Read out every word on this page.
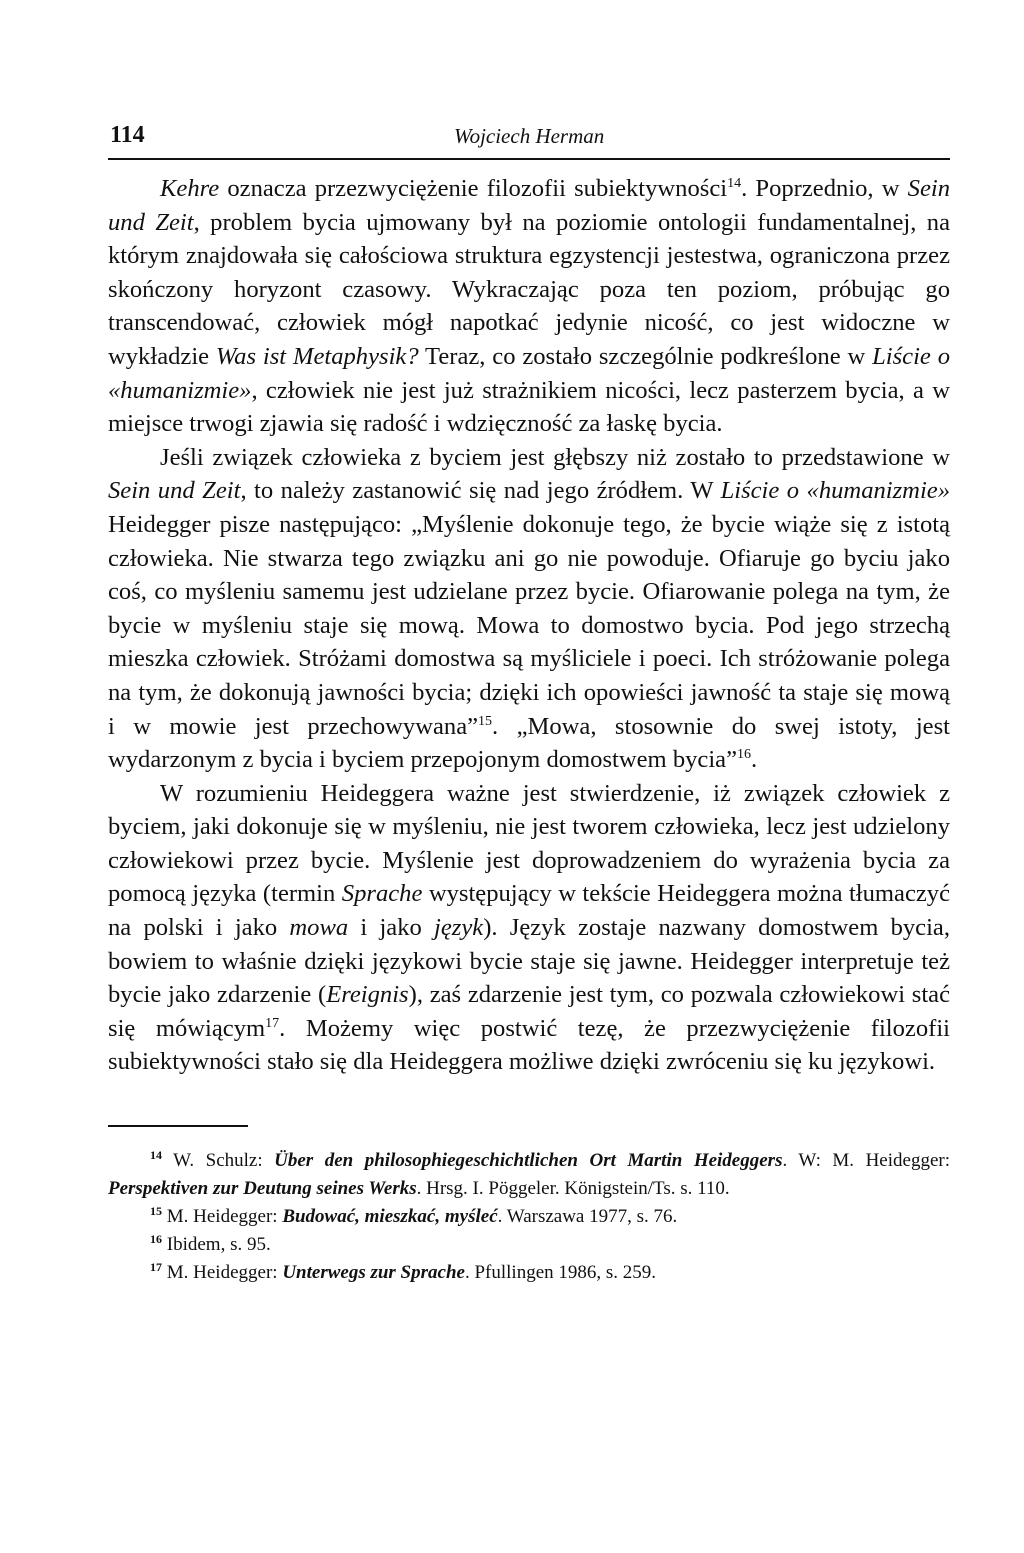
114	Wojciech Herman

Kehre oznacza przezwyciężenie filozofii subiektywności$^{14}$. Poprzednio, w Sein und Zeit, problem bycia ujmowany był na poziomie ontologii fundamentalnej, na którym znajdowała się całościowa struktura egzystencji jestestwa, ograniczona przez skończony horyzont czasowy. Wykraczając poza ten poziom, próbując go transcendować, człowiek mógł napotkać jedynie nicość, co jest widoczne w wykładzie Was ist Metaphysik? Teraz, co zostało szczególnie podkreślone w Liście o «humanizmie», człowiek nie jest już strażnikiem nicości, lecz pasterzem bycia, a w miejsce trwogi zjawia się radość i wdzięczność za łaskę bycia.

Jeśli związek człowieka z byciem jest głębszy niż zostało to przedstawione w Sein und Zeit, to należy zastanowić się nad jego źródłem. W Liście o «humanizmie» Heidegger pisze następująco: „Myślenie dokonuje tego, że bycie wiąże się z istotą człowieka. Nie stwarza tego związku ani go nie powoduje. Ofiaruje go byciu jako coś, co myśleniu samemu jest udzielane przez bycie. Ofiarowanie polega na tym, że bycie w myśleniu staje się mową. Mowa to domostwo bycia. Pod jego strzechą mieszka człowiek. Stróżami domostwa są myśliciele i poeci. Ich stróżowanie polega na tym, że dokonują jawności bycia; dzięki ich opowieści jawność ta staje się mową i w mowie jest przechowywana”$^{15}$. „Mowa, stosownie do swej istoty, jest wydarzonym z bycia i byciem przepojonym domostwem bycia”$^{16}$.

W rozumieniu Heideggera ważne jest stwierdzenie, iż związek człowiek z byciem, jaki dokonuje się w myśleniu, nie jest tworem człowieka, lecz jest udzielony człowiekowi przez bycie. Myślenie jest doprowadzeniem do wyrażenia bycia za pomocą języka (termin Sprache występujący w tekście Heideggera można tłumaczyć na polski i jako mowa i jako język). Język zostaje nazwany domostwem bycia, bowiem to właśnie dzięki językowi bycie staje się jawne. Heidegger interpretuje też bycie jako zdarzenie (Ereignis), zaś zdarzenie jest tym, co pozwala człowiekowi stać się mówiącym$^{17}$. Możemy więc postwić tezę, że przezwyciężenie filozofii subiektywności stało się dla Heideggera możliwe dzięki zwróceniu się ku językowi.

$^{14}$ W. Schulz: Über den philosophiegeschichtlichen Ort Martin Heideggers. W: M. Heidegger: Perspektiven zur Deutung seines Werks. Hrsg. I. Pöggeler. Königstein/Ts. s. 110.

$^{15}$ M. Heidegger: Budować, mieszkać, myśleć. Warszawa 1977, s. 76.

$^{16}$ Ibidem, s. 95.

$^{17}$ M. Heidegger: Unterwegs zur Sprache. Pfullingen 1986, s. 259.
